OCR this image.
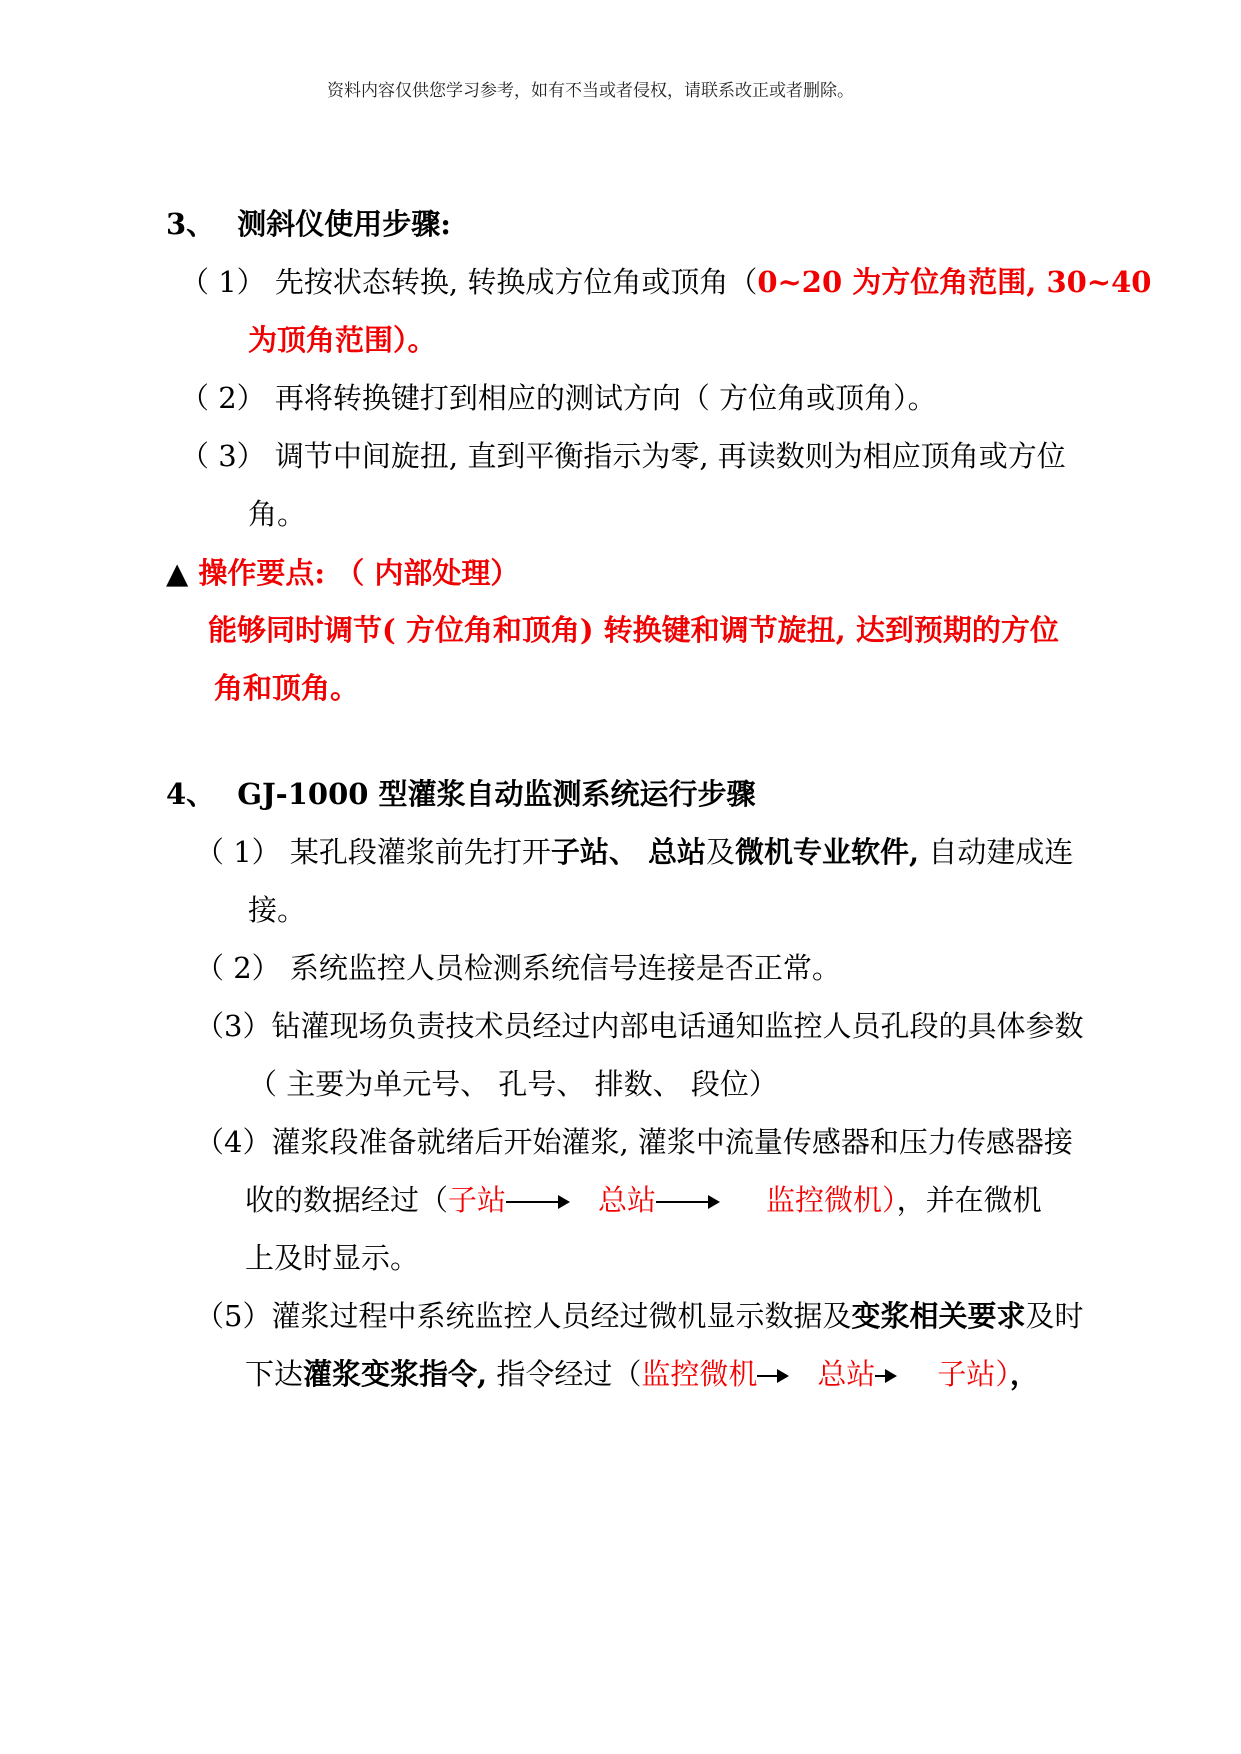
资料内容仅供您学习参考，如有不当或者侵权，请联系改正或者删除。
3、 测斜仪使用步骤:
（ 1） 先按状态转换, 转换成方位角或顶角（0~20 为方位角范围, 30~40
为顶角范围）。
（ 2） 再将转换键打到相应的测试方向（ 方位角或顶角）。
（ 3） 调节中间旋扭, 直到平衡指示为零, 再读数则为相应顶角或方位
角。
▲ 操作要点: （ 内部处理）
能够同时调节( 方位角和顶角) 转换键和调节旋扭, 达到预期的方位
角和顶角。
4、 GJ-1000 型灌浆自动监测系统运行步骤
（ 1） 某孔段灌浆前先打开子站、 总站及微机专业软件, 自动建成连
接。
（ 2） 系统监控人员检测系统信号连接是否正常。
（3）钻灌现场负责技术员经过内部电话通知监控人员孔段的具体参数
（ 主要为单元号、 孔号、 排数、 段位）
（4）灌浆段准备就绪后开始灌浆, 灌浆中流量传感器和压力传感器接
收的数据经过（子站	总站	监控微机），并在微机
上及时显示。
（5）灌浆过程中系统监控人员经过微机显示数据及变浆相关要求及时
下达灌浆变浆指令, 指令经过（监控微机 总站 子站），
